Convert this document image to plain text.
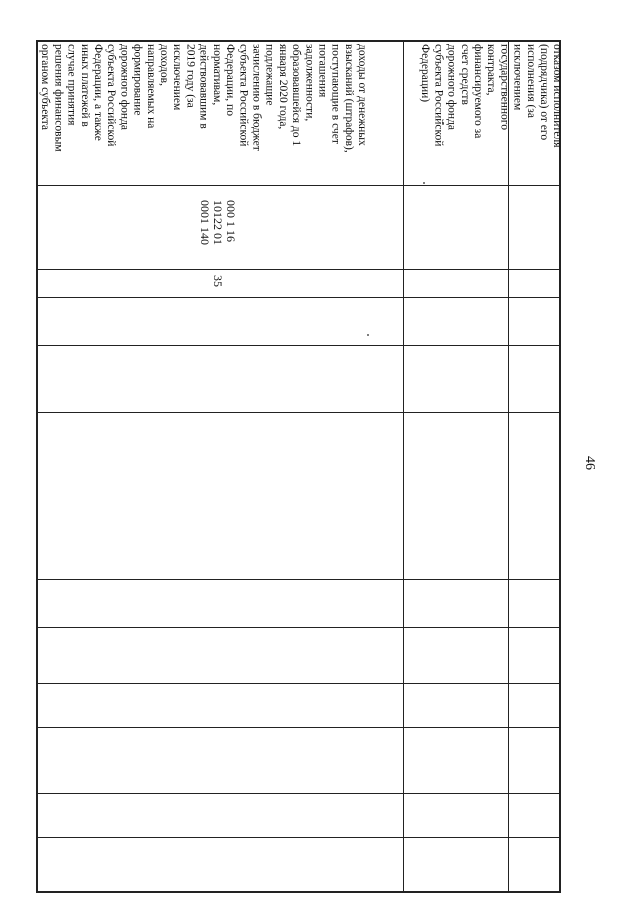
46
отказом исполнителя
(подрядчика) от его
исполнения (за
исключением
государственного
контракта,
финансируемого за
счет средств
дорожного фонда
субъекта Российской
Федерации)
доходы от денежных
взысканий (штрафов),
поступающие в счет
погашения
задолженности,
образовавшейся до 1
января 2020 года,
подлежащие
зачислению в бюджет
субъекта Российской
Федерации, по
нормативам,
действовавшим в
2019 году (за
исключением
доходов,
направляемых на
формирование
дорожного фонда
субъекта Российской
Федерации, а также
иных платежей в
случае принятия
решения финансовым
органом субъекта
000 1 16
10122 01
0001 140
35
